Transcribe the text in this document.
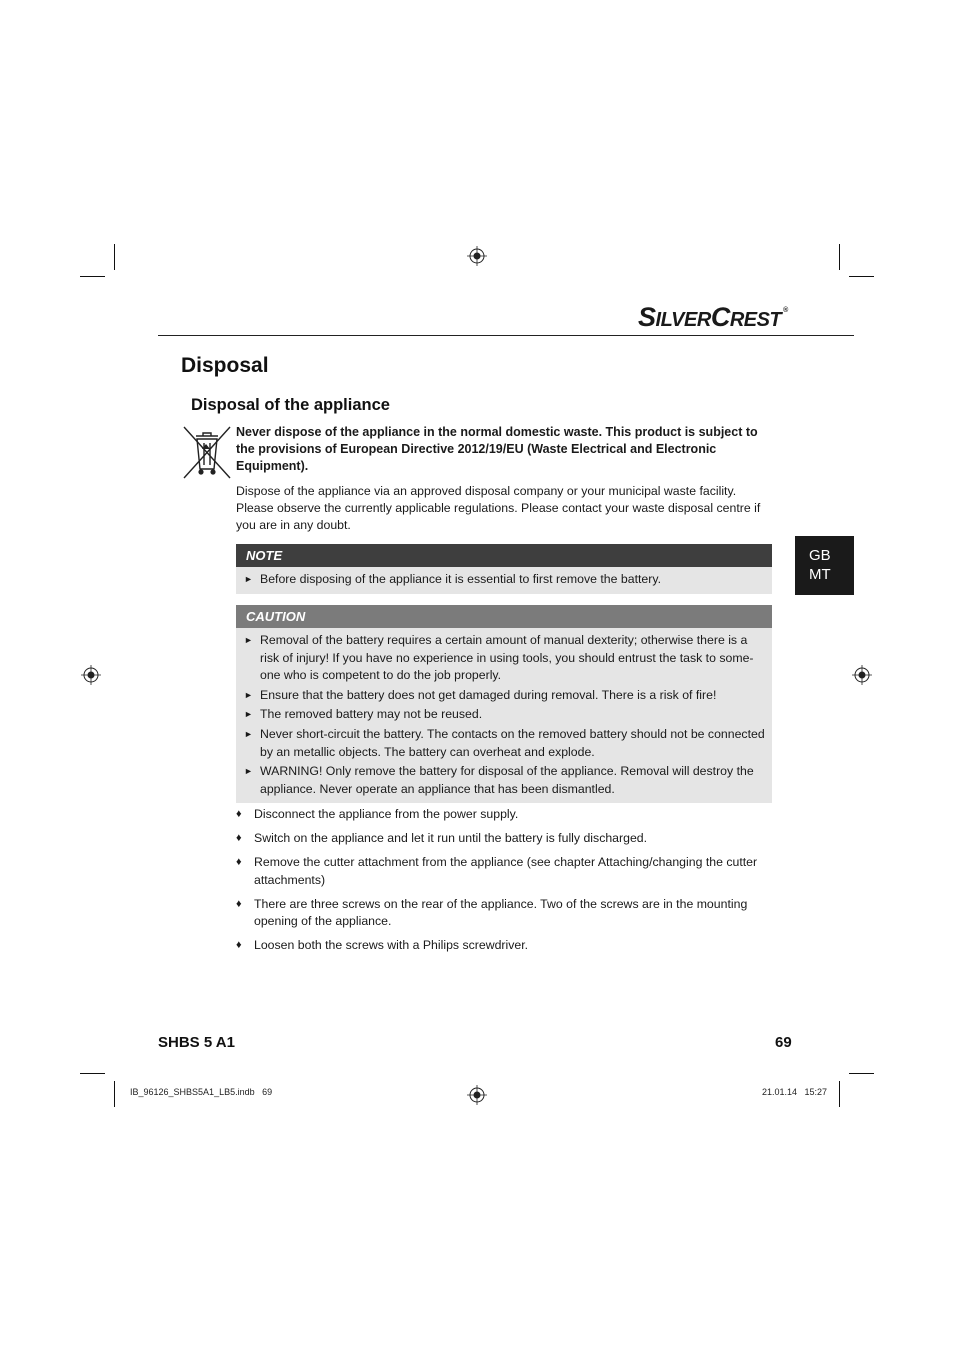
SILVERCREST ®
Disposal
Disposal of the appliance
Never dispose of the appliance in the normal domestic waste. This product is subject to the provisions of European Directive 2012/19/EU (Waste Electrical and Electronic Equipment).
Dispose of the appliance via an approved disposal company or your municipal waste facility. Please observe the currently applicable regulations. Please contact your waste disposal centre if you are in any doubt.
NOTE
► Before disposing of the appliance it is essential to first remove the battery.
CAUTION
► Removal of the battery requires a certain amount of manual dexterity; otherwise there is a risk of injury! If you have no experience in using tools, you should entrust the task to some-one who is competent to do the job properly.
► Ensure that the battery does not get damaged during removal. There is a risk of fire!
► The removed battery may not be reused.
► Never short-circuit the battery. The contacts on the removed battery should not be connected by an metallic objects. The battery can overheat and explode.
► WARNING! Only remove the battery for disposal of the appliance. Removal will destroy the appliance. Never operate an appliance that has been dismantled.
♦ Disconnect the appliance from the power supply.
♦ Switch on the appliance and let it run until the battery is fully discharged.
♦ Remove the cutter attachment from the appliance (see chapter Attaching/changing the cutter attachments)
♦ There are three screws on the rear of the appliance. Two of the screws are in the mounting opening of the appliance.
♦ Loosen both the screws with a Philips screwdriver.
GB
MT
SHBS 5 A1	69
IB_96126_SHBS5A1_LB5.indb   69	21.01.14   15:27
